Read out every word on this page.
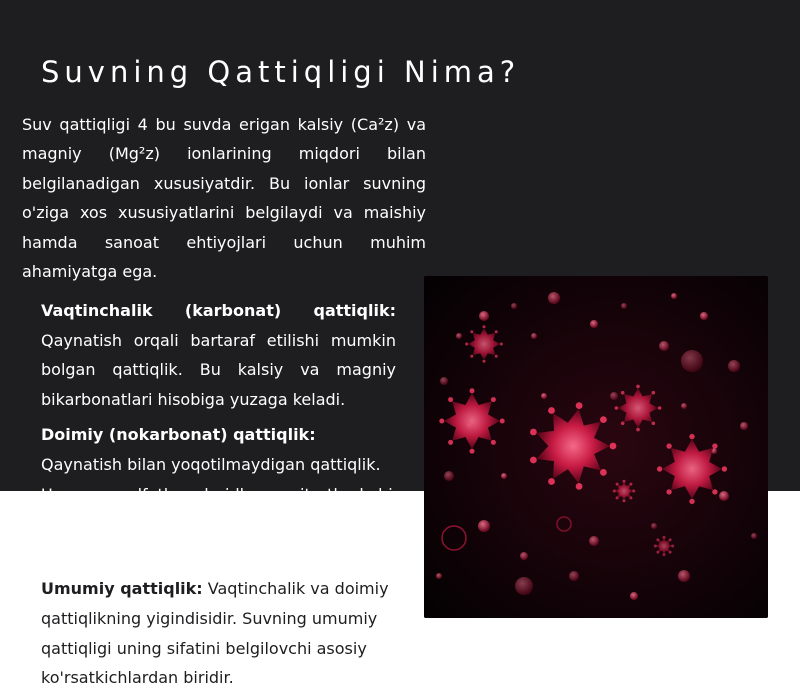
Suvning Qattiqligi Nima?

Suv qattiqligi 4 bu suvda erigan kalsiy (Ca²z) va magniy (Mg²z) ionlarining miqdori bilan belgilanadigan xususiyatdir. Bu ionlar suvning o'ziga xos xususiyatlarini belgilaydi va maishiy hamda sanoat ehtiyojlari uchun muhim ahamiyatga ega.

Vaqtinchalik (karbonat) qattiqlik: Qaynatish orqali bartaraf etilishi mumkin bolgan qattiqlik. Bu kalsiy va magniy bikarbonatlari hisobiga yuzaga keladi.

Doimiy (nokarbonat) qattiqlik: Qaynatish bilan yoqotilmaydigan qattiqlik. U asosan sulfatlar, xloridlar va nitratlar kabi kalsiy va magniy tuzlari sababli yuzaga keladi.

Umumiy qattiqlik: Vaqtinchalik va doimiy qattiqlikning yigindisidir. Suvning umumiy qattiqligi uning sifatini belgilovchi asosiy ko'rsatkichlardan biridir.
